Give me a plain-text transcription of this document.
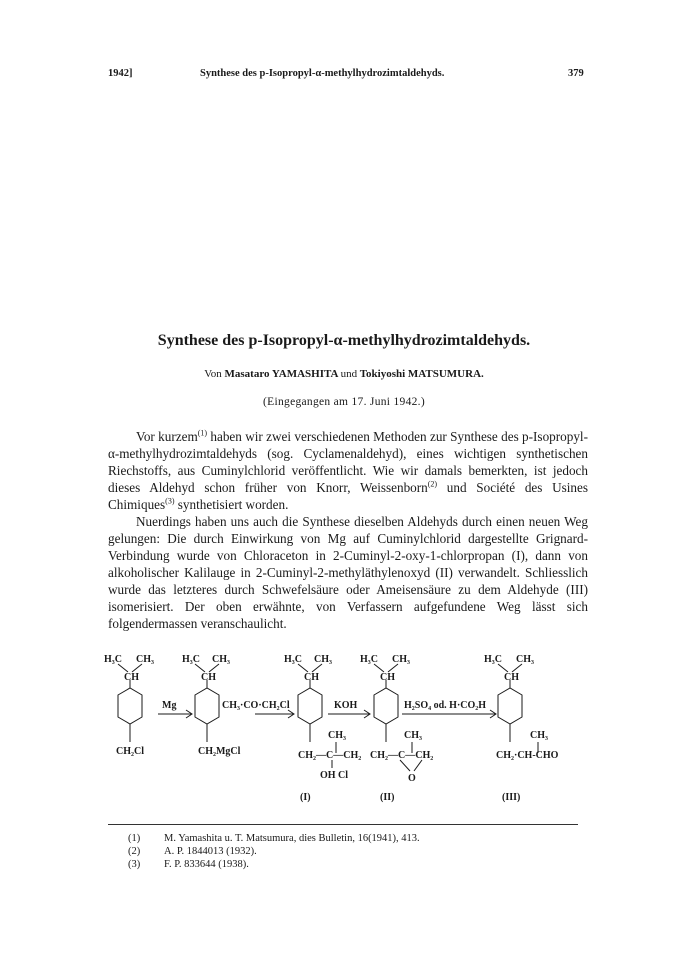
1942]	Synthese des p-Isopropyl-α-methylhydrozimtaldehyds.	379
Synthese des p-Isopropyl-α-methylhydrozimtaldehyds.
Von Masataro YAMASHITA und Tokiyoshi MATSUMURA.
(Eingegangen am 17. Juni 1942.)

Vor kurzem$^{(1)}$ haben wir zwei verschiedenen Methoden zur Synthese des p-Isopropyl-α-methylhydrozimtaldehyds (sog. Cyclamenaldehyd), eines wichtigen synthetischen Riechstoffs, aus Cuminylchlorid veröffentlicht. Wie wir damals bemerkten, ist jedoch dieses Aldehyd schon früher von Knorr, Weissenborn$^{(2)}$ und Société des Usines Chimiques$^{(3)}$ synthetisiert worden.

Nuerdings haben uns auch die Synthese dieselben Aldehyds durch einen neuen Weg gelungen: Die durch Einwirkung von Mg auf Cuminylchlorid dargestellte Grignard-Verbindung wurde von Chloraceton in 2-Cuminyl-2-oxy-1-chlorpropan (I), dann von alkoholischer Kalilauge in 2-Cuminyl-2-methyläthylenoxyd (II) verwandelt. Schliesslich wurde das letzteres durch Schwefelsäure oder Ameisensäure zu dem Aldehyde (III) isomerisiert. Der oben erwähnte, von Verfassern aufgefundene Weg lässt sich folgendermassen veranschaulicht.

H₃C CH₃
CH
CH₂Cl
H₃C CH₃
CH
CH₂MgCl
Mg	CH₃·CO·CH₂Cl	KOH	H₂SO₄ od. H·CO₂H
H₃C CH₃
CH
CH₃
CH₂—C—CH₂
OH Cl
H₃C CH₃
CH
CH₃
CH₂—C—CH₂
O
H₃C CH₃
CH
CH₃
CH₂·CH-CHO
(I)	(II)	(III)
(1)	M. Yamashita u. T. Matsumura, dies Bulletin, 16(1941), 413.
(2)	A. P. 1844013 (1932).
(3)	F. P. 833644 (1938).
